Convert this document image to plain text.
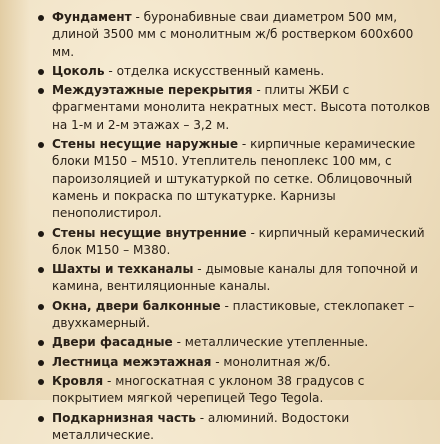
Фундамент - буронабивные сваи диаметром 500 мм, длиной 3500 мм с монолитным ж/б ростверком 600х600 мм.
Цоколь - отделка искусственный камень.
Междуэтажные перекрытия - плиты ЖБИ с фрагментами монолита некратных мест. Высота потолков на 1-м и 2-м этажах – 3,2 м.
Стены несущие наружные - кирпичные керамические блоки М150 – М510. Утеплитель пеноплекс 100 мм, с пароизоляцией и штукатуркой по сетке. Облицовочный камень и покраска по штукатурке. Карнизы пенополистирол.
Стены несущие внутренние - кирпичный керамический блок М150 – М380.
Шахты и техканалы - дымовые каналы для топочной и камина, вентиляционные каналы.
Окна, двери балконные - пластиковые, стеклопакет – двухкамерный.
Двери фасадные - металлические утепленные.
Лестница межэтажная - монолитная ж/б.
Кровля - многоскатная с уклоном 38 градусов с покрытием мягкой черепицей Tego Tegola.
Подкарнизная часть - алюминий. Водостоки металлические.
